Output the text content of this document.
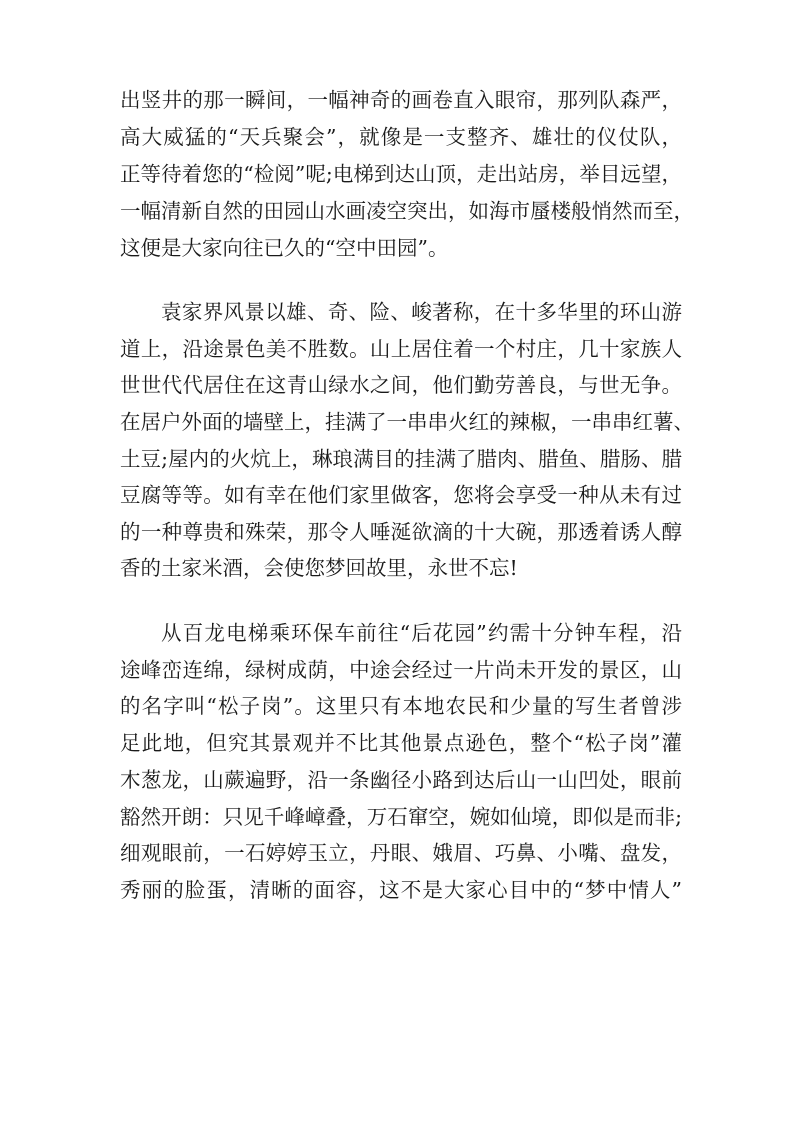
出竖井的那一瞬间，一幅神奇的画卷直入眼帘，那列队森严，
高大威猛的“天兵聚会”，就像是一支整齐、雄壮的仪仗队，
正等待着您的“检阅”呢;电梯到达山顶，走出站房，举目远望，
一幅清新自然的田园山水画凌空突出，如海市蜃楼般悄然而至，
这便是大家向往已久的“空中田园”。
袁家界风景以雄、奇、险、峻著称，在十多华里的环山游
道上，沿途景色美不胜数。山上居住着一个村庄，几十家族人
世世代代居住在这青山绿水之间，他们勤劳善良，与世无争。
在居户外面的墙壁上，挂满了一串串火红的辣椒，一串串红薯、
土豆;屋内的火炕上，琳琅满目的挂满了腊肉、腊鱼、腊肠、腊
豆腐等等。如有幸在他们家里做客，您将会享受一种从未有过
的一种尊贵和殊荣，那令人唾涎欲滴的十大碗，那透着诱人醇
香的土家米酒，会使您梦回故里，永世不忘!
从百龙电梯乘环保车前往“后花园”约需十分钟车程，沿
途峰峦连绵，绿树成荫，中途会经过一片尚未开发的景区，山
的名字叫“松子岗”。这里只有本地农民和少量的写生者曾涉
足此地，但究其景观并不比其他景点逊色，整个“松子岗”灌
木葱龙，山蕨遍野，沿一条幽径小路到达后山一山凹处，眼前
豁然开朗：只见千峰嶂叠，万石窜空，婉如仙境，即似是而非;
细观眼前，一石婷婷玉立，丹眼、娥眉、巧鼻、小嘴、盘发，
秀丽的脸蛋，清晰的面容，这不是大家心目中的“梦中情人”
